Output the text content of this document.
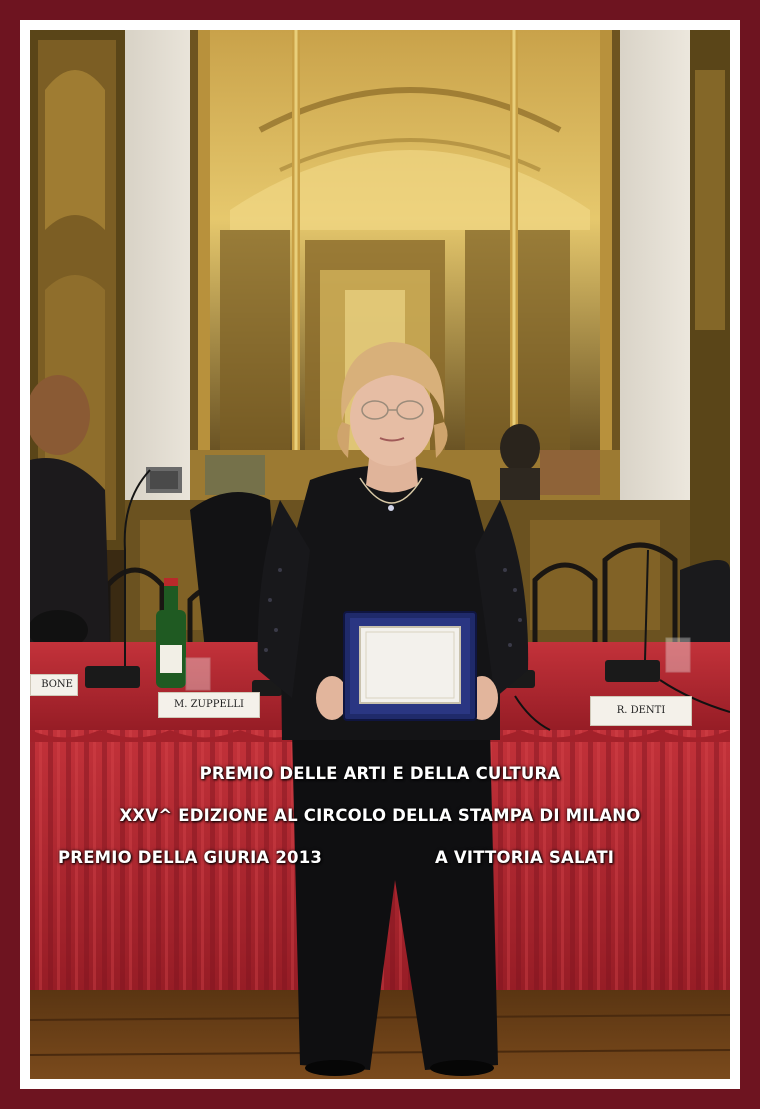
BONE
M. ZUPPELLI
R. DENTI
PREMIO DELLE ARTI E DELLA CULTURA
XXV^ EDIZIONE AL CIRCOLO DELLA STAMPA DI MILANO
PREMIO DELLA GIURIA 2013	A VITTORIA SALATI
